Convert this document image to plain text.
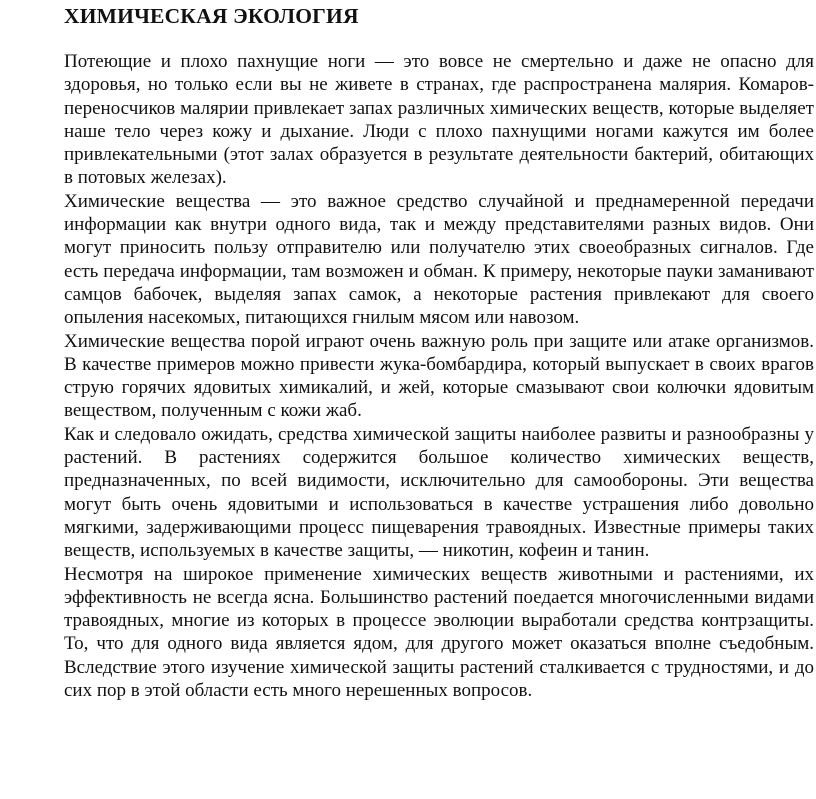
ХИМИЧЕСКАЯ ЭКОЛОГИЯ

Потеющие и плохо пахнущие ноги — это вовсе не смертельно и даже не опасно для здоровья, но только если вы не живете в странах, где распространена малярия. Комаров-переносчиков малярии привлекает запах различных химических веществ, которые выделяет наше тело через кожу и дыхание. Люди с плохо пахнущими ногами кажутся им более привлекательными (этот залах образуется в результате деятельности бактерий, обитающих в потовых железах).

Химические вещества — это важное средство случайной и преднамеренной передачи информации как внутри одного вида, так и между представителями разных видов. Они могут приносить пользу отправителю или получателю этих своеобразных сигналов. Где есть передача информации, там возможен и обман. К примеру, некоторые пауки заманивают самцов бабочек, выделяя запах самок, а некоторые растения привлекают для своего опыления насекомых, питающихся гнилым мясом или навозом.

Химические вещества порой играют очень важную роль при защите или атаке организмов. В качестве примеров можно привести жука-бомбардира, который выпускает в своих врагов струю горячих ядовитых химикалий, и жей, которые смазывают свои колючки ядовитым веществом, полученным с кожи жаб.

Как и следовало ожидать, средства химической защиты наиболее развиты и разнообразны у растений. В растениях содержится большое количество химических веществ, предназначенных, по всей видимости, исключительно для самообороны. Эти вещества могут быть очень ядовитыми и использоваться в качестве устрашения либо довольно мягкими, задерживающими процесс пищеварения травоядных. Известные примеры таких веществ, используемых в качестве защиты, — никотин, кофеин и танин.

Несмотря на широкое применение химических веществ животными и растениями, их эффективность не всегда ясна. Большинство растений поедается многочисленными видами травоядных, многие из которых в процессе эволюции выработали средства контрзащиты. То, что для одного вида является ядом, для другого может оказаться вполне съедобным. Вследствие этого изучение химической защиты растений сталкивается с трудностями, и до сих пор в этой области есть много нерешенных вопросов.
